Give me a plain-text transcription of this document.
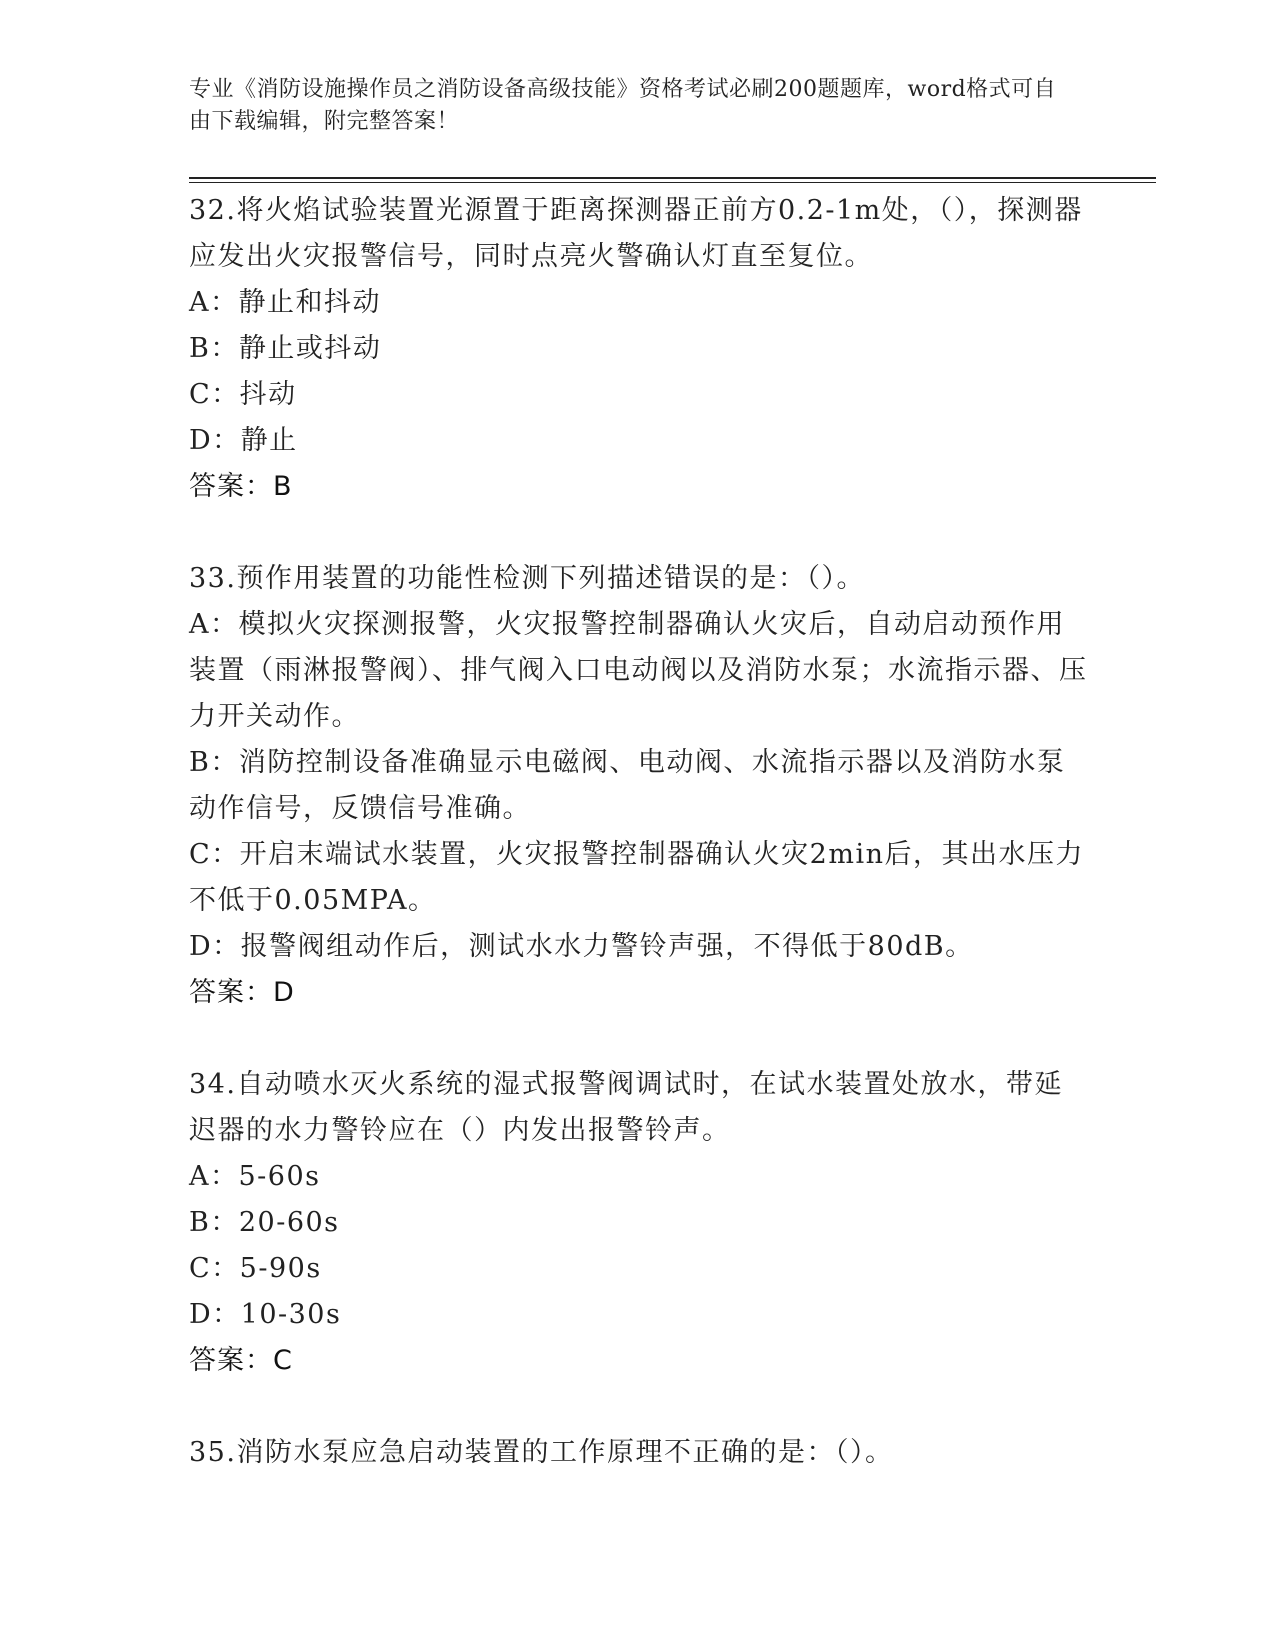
专业《消防设施操作员之消防设备高级技能》资格考试必刷200题题库，word格式可自由下载编辑，附完整答案！

32.将火焰试验装置光源置于距离探测器正前方0.2-1m处，（），探测器应发出火灾报警信号，同时点亮火警确认灯直至复位。

A：静止和抖动

B：静止或抖动

C：抖动

D：静止

答案：B

33.预作用装置的功能性检测下列描述错误的是：（）。

A：模拟火灾探测报警，火灾报警控制器确认火灾后，自动启动预作用装置（雨淋报警阀）、排气阀入口电动阀以及消防水泵；水流指示器、压力开关动作。

B：消防控制设备准确显示电磁阀、电动阀、水流指示器以及消防水泵动作信号，反馈信号准确。

C：开启末端试水装置，火灾报警控制器确认火灾2min后，其出水压力不低于0.05MPA。

D：报警阀组动作后，测试水水力警铃声强，不得低于80dB。

答案：D

34.自动喷水灭火系统的湿式报警阀调试时，在试水装置处放水，带延迟器的水力警铃应在（）内发出报警铃声。

A：5-60s

B：20-60s

C：5-90s

D：10-30s

答案：C

35.消防水泵应急启动装置的工作原理不正确的是：（）。
